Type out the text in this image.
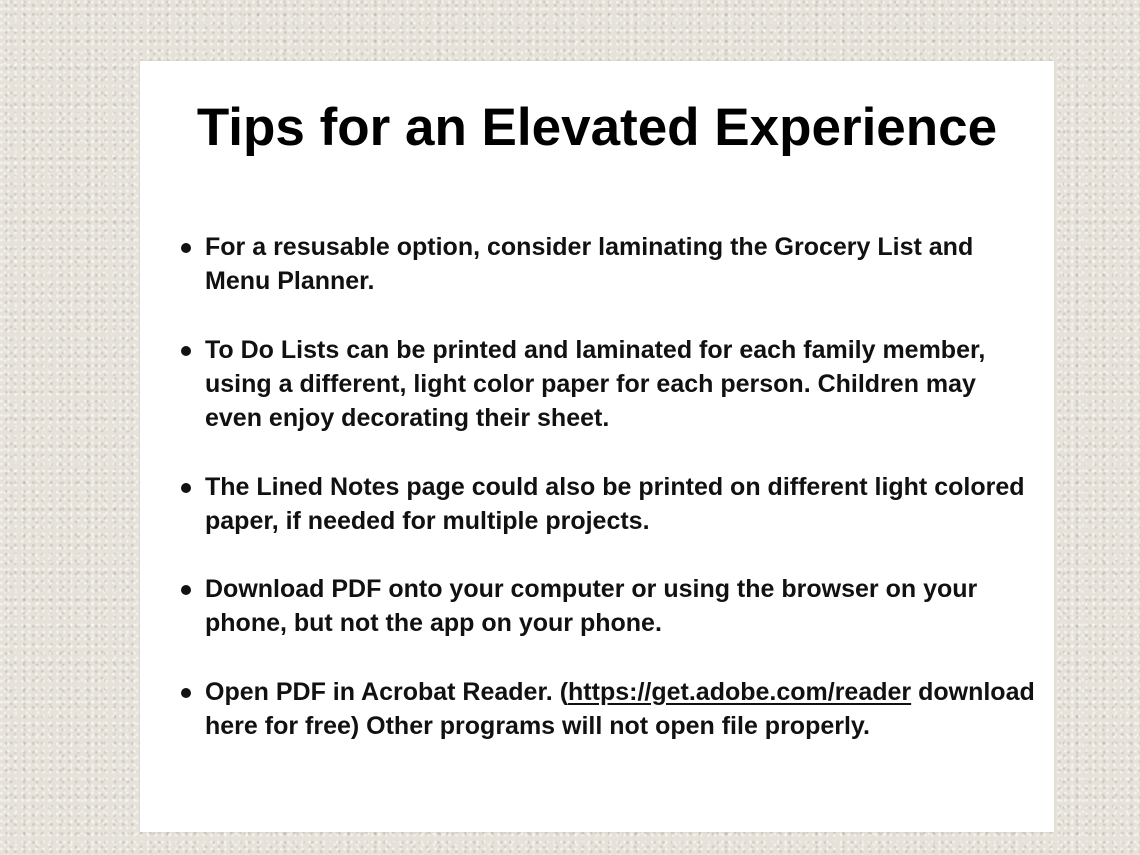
Tips for an Elevated Experience
For a resusable option, consider laminating the Grocery List and Menu Planner.
To Do Lists can be printed and laminated for each family member, using a different, light color paper for each person. Children may even enjoy decorating their sheet.
The Lined Notes page could also be printed on different light colored paper, if needed for multiple projects.
Download PDF onto your computer or using the browser on your phone, but not the app on your phone.
Open PDF in Acrobat Reader. (https://get.adobe.com/reader download here for free) Other programs will not open file properly.
